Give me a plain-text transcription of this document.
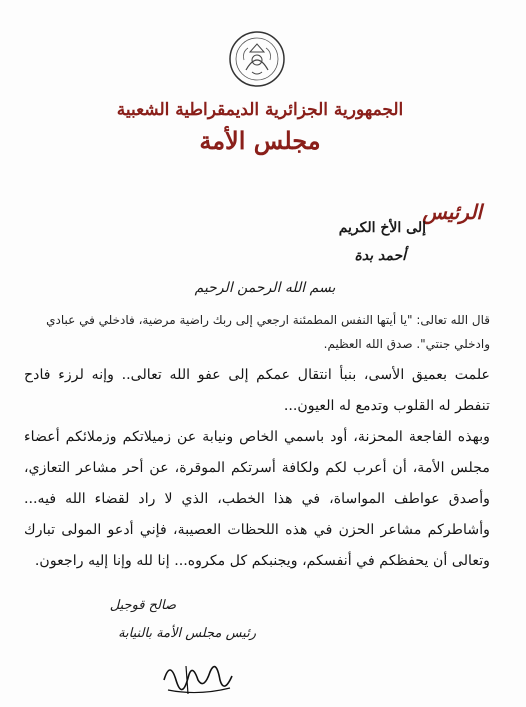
الجمهورية الجزائرية الديمقراطية الشعبية
مجلس الأمة
الرئيس
إلى الأخ الكريم
أحمد بدة
بسم الله الرحمن الرحيم
قال الله تعالى: "يا أيتها النفس المطمئنة ارجعي إلى ربك راضية مرضية، فادخلي في عبادي وادخلي جنتي". صدق الله العظيم.

علمت بعميق الأسى، بنبأ انتقال عمكم إلى عفو الله تعالى.. وإنه لرزء فادح تنفطر له القلوب وتدمع له العيون...

وبهذه الفاجعة المحزنة، أود باسمي الخاص ونيابة عن زميلاتكم وزملائكم أعضاء مجلس الأمة، أن أعرب لكم ولكافة أسرتكم الموقرة، عن أحر مشاعر التعازي، وأصدق عواطف المواساة، في هذا الخطب، الذي لا راد لقضاء الله فيه... وأشاطركم مشاعر الحزن في هذه اللحظات العصيبة، فإني أدعو المولى تبارك وتعالى أن يحفظكم في أنفسكم، ويجنبكم كل مكروه... إنا لله وإنا إليه راجعون.

صالح قوجيل
رئيس مجلس الأمة بالنيابة
